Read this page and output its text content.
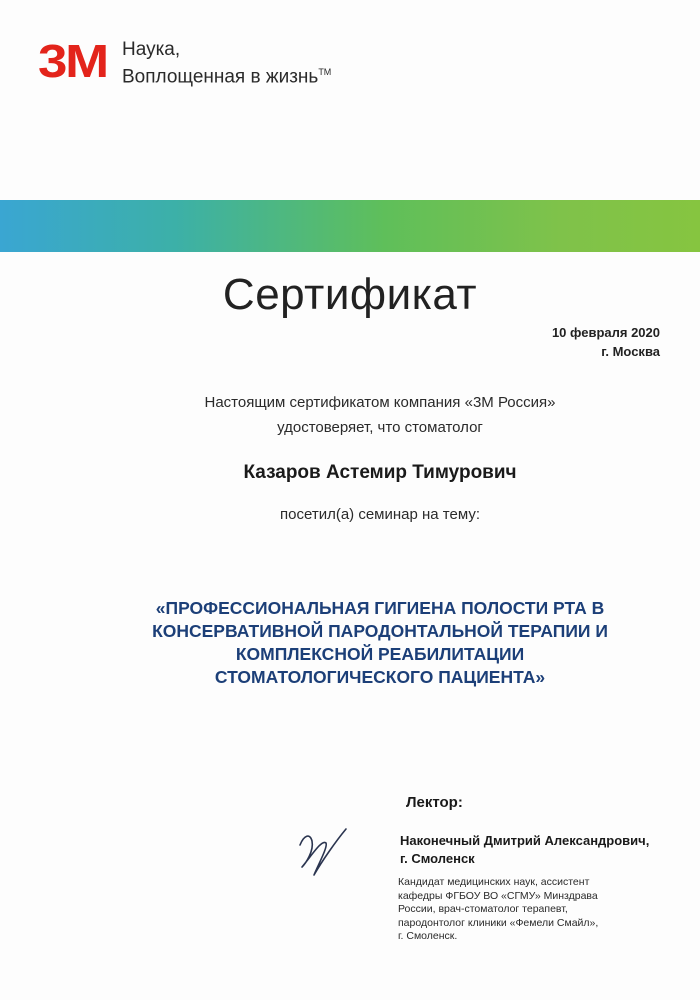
3M Наука,
Воплощенная в жизнь™
Сертификат
10 февраля 2020
г. Москва
Настоящим сертификатом компания «3М Россия»
удостоверяет, что стоматолог
Казаров Астемир Тимурович
посетил(а) семинар на тему:
«ПРОФЕССИОНАЛЬНАЯ ГИГИЕНА ПОЛОСТИ РТА В
КОНСЕРВАТИВНОЙ ПАРОДОНТАЛЬНОЙ ТЕРАПИИ И
КОМПЛЕКСНОЙ РЕАБИЛИТАЦИИ
СТОМАТОЛОГИЧЕСКОГО ПАЦИЕНТА»
Лектор:
Наконечный Дмитрий Александрович,
г. Смоленск
Кандидат медицинских наук, ассистент
кафедры ФГБОУ ВО «СГМУ» Минздрава
России, врач-стоматолог терапевт,
пародонтолог клиники «Фемели Смайл»,
г. Смоленск.
